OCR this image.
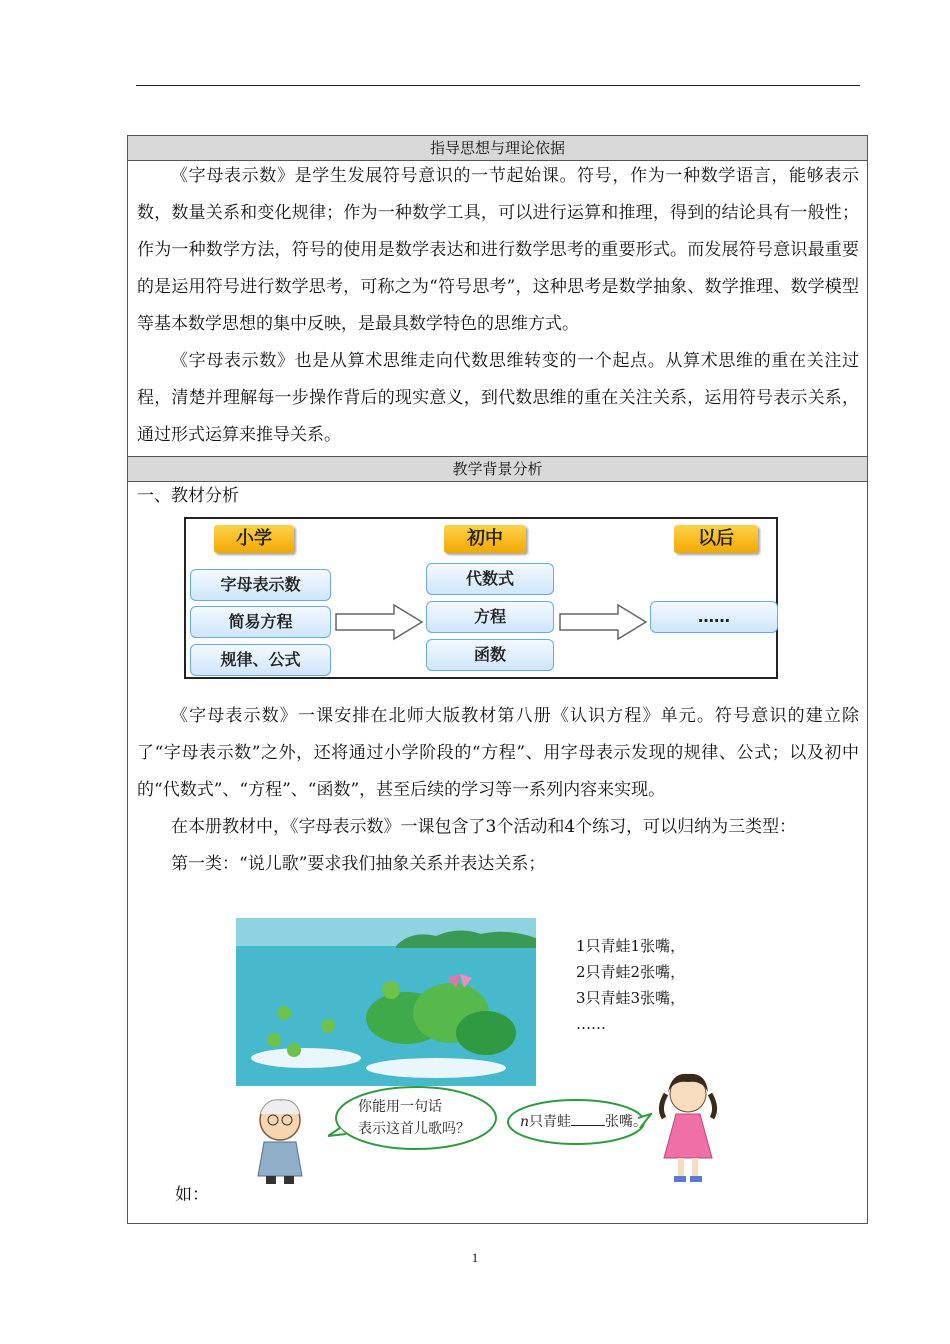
指导思想与理论依据

《字母表示数》是学生发展符号意识的一节起始课。符号，作为一种数学语言，能够表示数，数量关系和变化规律；作为一种数学工具，可以进行运算和推理，得到的结论具有一般性；作为一种数学方法，符号的使用是数学表达和进行数学思考的重要形式。而发展符号意识最重要的是运用符号进行数学思考，可称之为“符号思考”，这种思考是数学抽象、数学推理、数学模型等基本数学思想的集中反映，是最具数学特色的思维方式。

《字母表示数》也是从算术思维走向代数思维转变的一个起点。从算术思维的重在关注过程，清楚并理解每一步操作背后的现实意义，到代数思维的重在关注关系，运用符号表示关系，通过形式运算来推导关系。

教学背景分析
一、教材分析
小学	初中	以后
字母表示数
简易方程
规律、公式
代数式
方程
函数
……

《字母表示数》一课安排在北师大版教材第八册《认识方程》单元。符号意识的建立除了“字母表示数”之外，还将通过小学阶段的“方程”、用字母表示发现的规律、公式；以及初中的“代数式”、“方程”、“函数”，甚至后续的学习等一系列内容来实现。

在本册教材中，《字母表示数》一课包含了3个活动和4个练习，可以归纳为三类型：

第一类：“说儿歌”要求我们抽象关系并表达关系；

1只青蛙1张嘴，
2只青蛙2张嘴，
3只青蛙3张嘴，
……
你能用一句话
表示这首儿歌吗？	n只青蛙 张嘴。
如：
1
